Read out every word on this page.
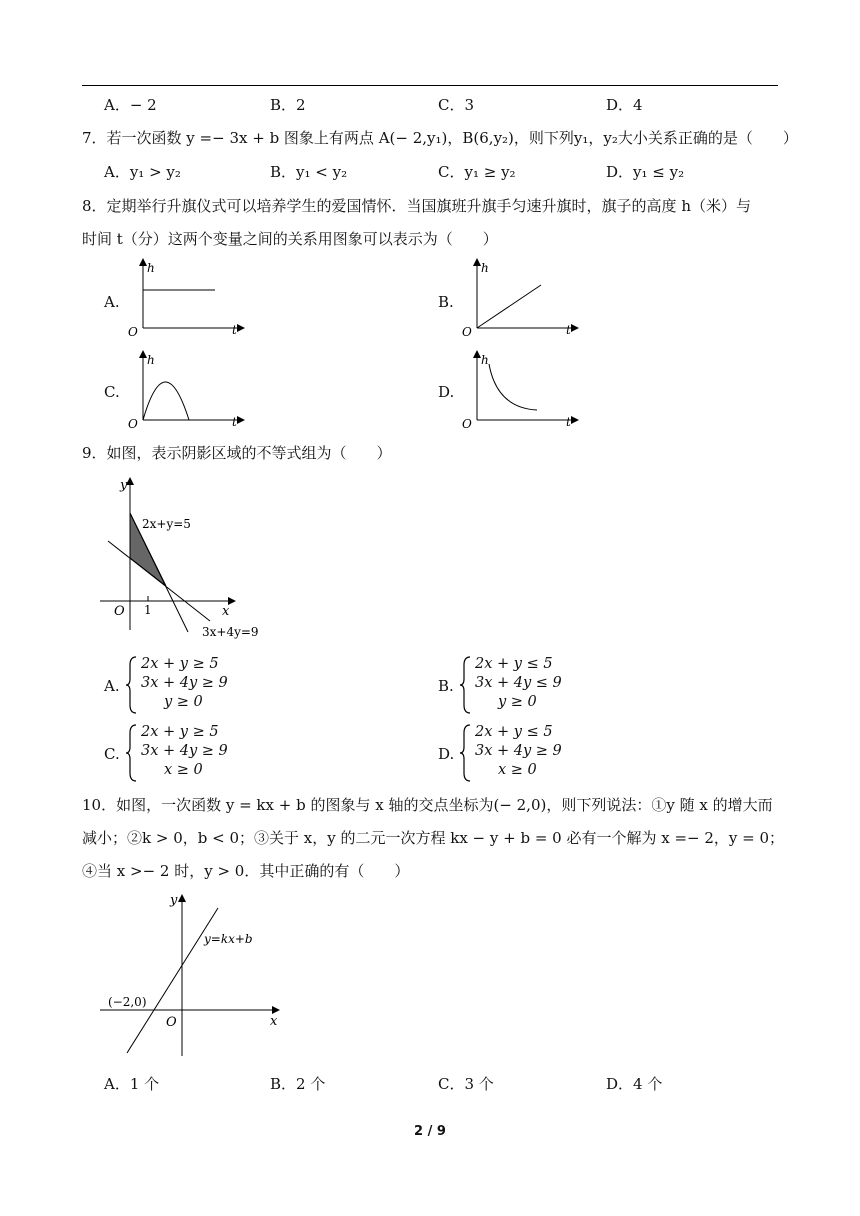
A．− 2	B．2	C．3	D．4
7．若一次函数 y =− 3x + b 图象上有两点 A(− 2,y₁)，B(6,y₂)，则下列y₁，y₂大小关系正确的是（　　）
A．y₁ > y₂	B．y₁ < y₂	C．y₁ ≥ y₂	D．y₁ ≤ y₂
8．定期举行升旗仪式可以培养学生的爱国情怀．当国旗班升旗手匀速升旗时，旗子的高度 h（米）与
时间 t（分）这两个变量之间的关系用图象可以表示为（　　）
A.
h
O	t
B.
h
O	t
C.
h
O	t
D.
h
O	t
9．如图，表示阴影区域的不等式组为（　　）
y
x
O 1
2x+y=5
3x+4y=9
A.
2x + y ≥ 5
3x + 4y ≥ 9
y ≥ 0
B.
2x + y ≤ 5
3x + 4y ≤ 9
y ≥ 0
C.
2x + y ≥ 5
3x + 4y ≥ 9
x ≥ 0
D.
2x + y ≤ 5
3x + 4y ≥ 9
x ≥ 0
10．如图，一次函数 y = kx + b 的图象与 x 轴的交点坐标为(− 2,0)，则下列说法：①y 随 x 的增大而
减小；②k > 0，b < 0；③关于 x，y 的二元一次方程 kx − y + b = 0 必有一个解为 x =− 2，y = 0；
④当 x >− 2 时，y > 0．其中正确的有（　　）
y
x
O
(−2,0)
y=kx+b
A．1 个	B．2 个	C．3 个	D．4 个
2 / 9
